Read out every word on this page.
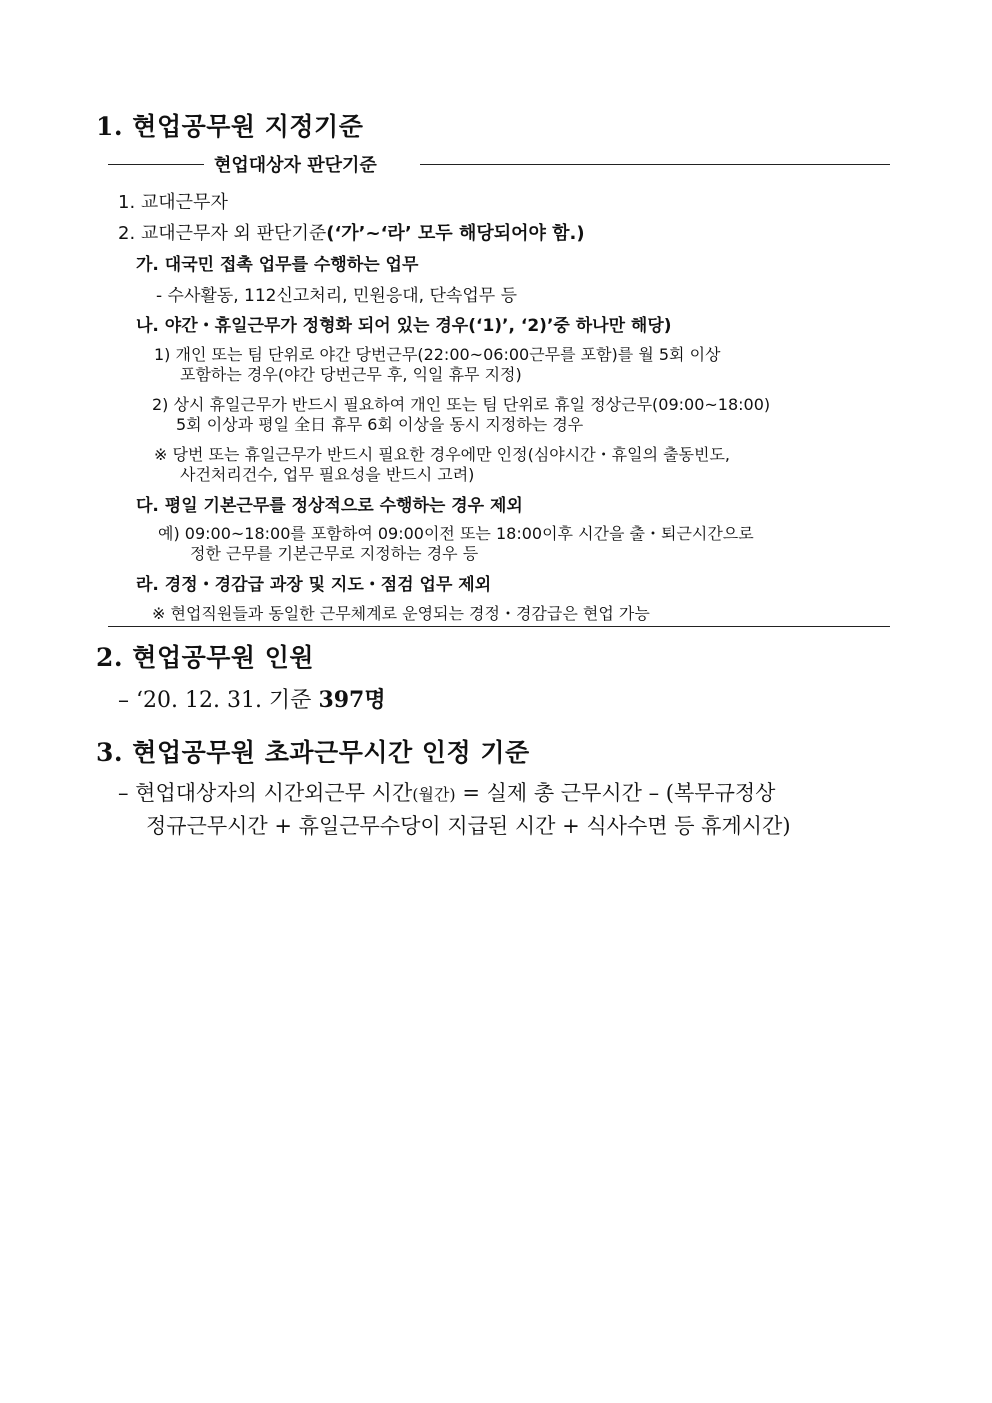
1. 현업공무원 지정기준
현업대상자 판단기준
1. 교대근무자
2. 교대근무자 외 판단기준(‘가’~‘라’ 모두 해당되어야 함.)
가. 대국민 접촉 업무를 수행하는 업무
- 수사활동, 112신고처리, 민원응대, 단속업무 등
나. 야간・휴일근무가 정형화 되어 있는 경우(‘1)’, ‘2)’중 하나만 해당)
1) 개인 또는 팀 단위로 야간 당번근무(22:00~06:00근무를 포함)를 월 5회 이상
포함하는 경우(야간 당번근무 후, 익일 휴무 지정)
2) 상시 휴일근무가 반드시 필요하여 개인 또는 팀 단위로 휴일 정상근무(09:00~18:00)
5회 이상과 평일 全日 휴무 6회 이상을 동시 지정하는 경우
※ 당번 또는 휴일근무가 반드시 필요한 경우에만 인정(심야시간・휴일의 출동빈도,
사건처리건수, 업무 필요성을 반드시 고려)
다. 평일 기본근무를 정상적으로 수행하는 경우 제외
예) 09:00~18:00를 포함하여 09:00이전 또는 18:00이후 시간을 출・퇴근시간으로
정한 근무를 기본근무로 지정하는 경우 등
라. 경정・경감급 과장 및 지도・점검 업무 제외
※ 현업직원들과 동일한 근무체계로 운영되는 경정・경감급은 현업 가능
2. 현업공무원 인원
– ‘20. 12. 31. 기준 397명
3. 현업공무원 초과근무시간 인정 기준
– 현업대상자의 시간외근무 시간(월간) = 실제 총 근무시간 – (복무규정상
정규근무시간 + 휴일근무수당이 지급된 시간 + 식사수면 등 휴게시간)
